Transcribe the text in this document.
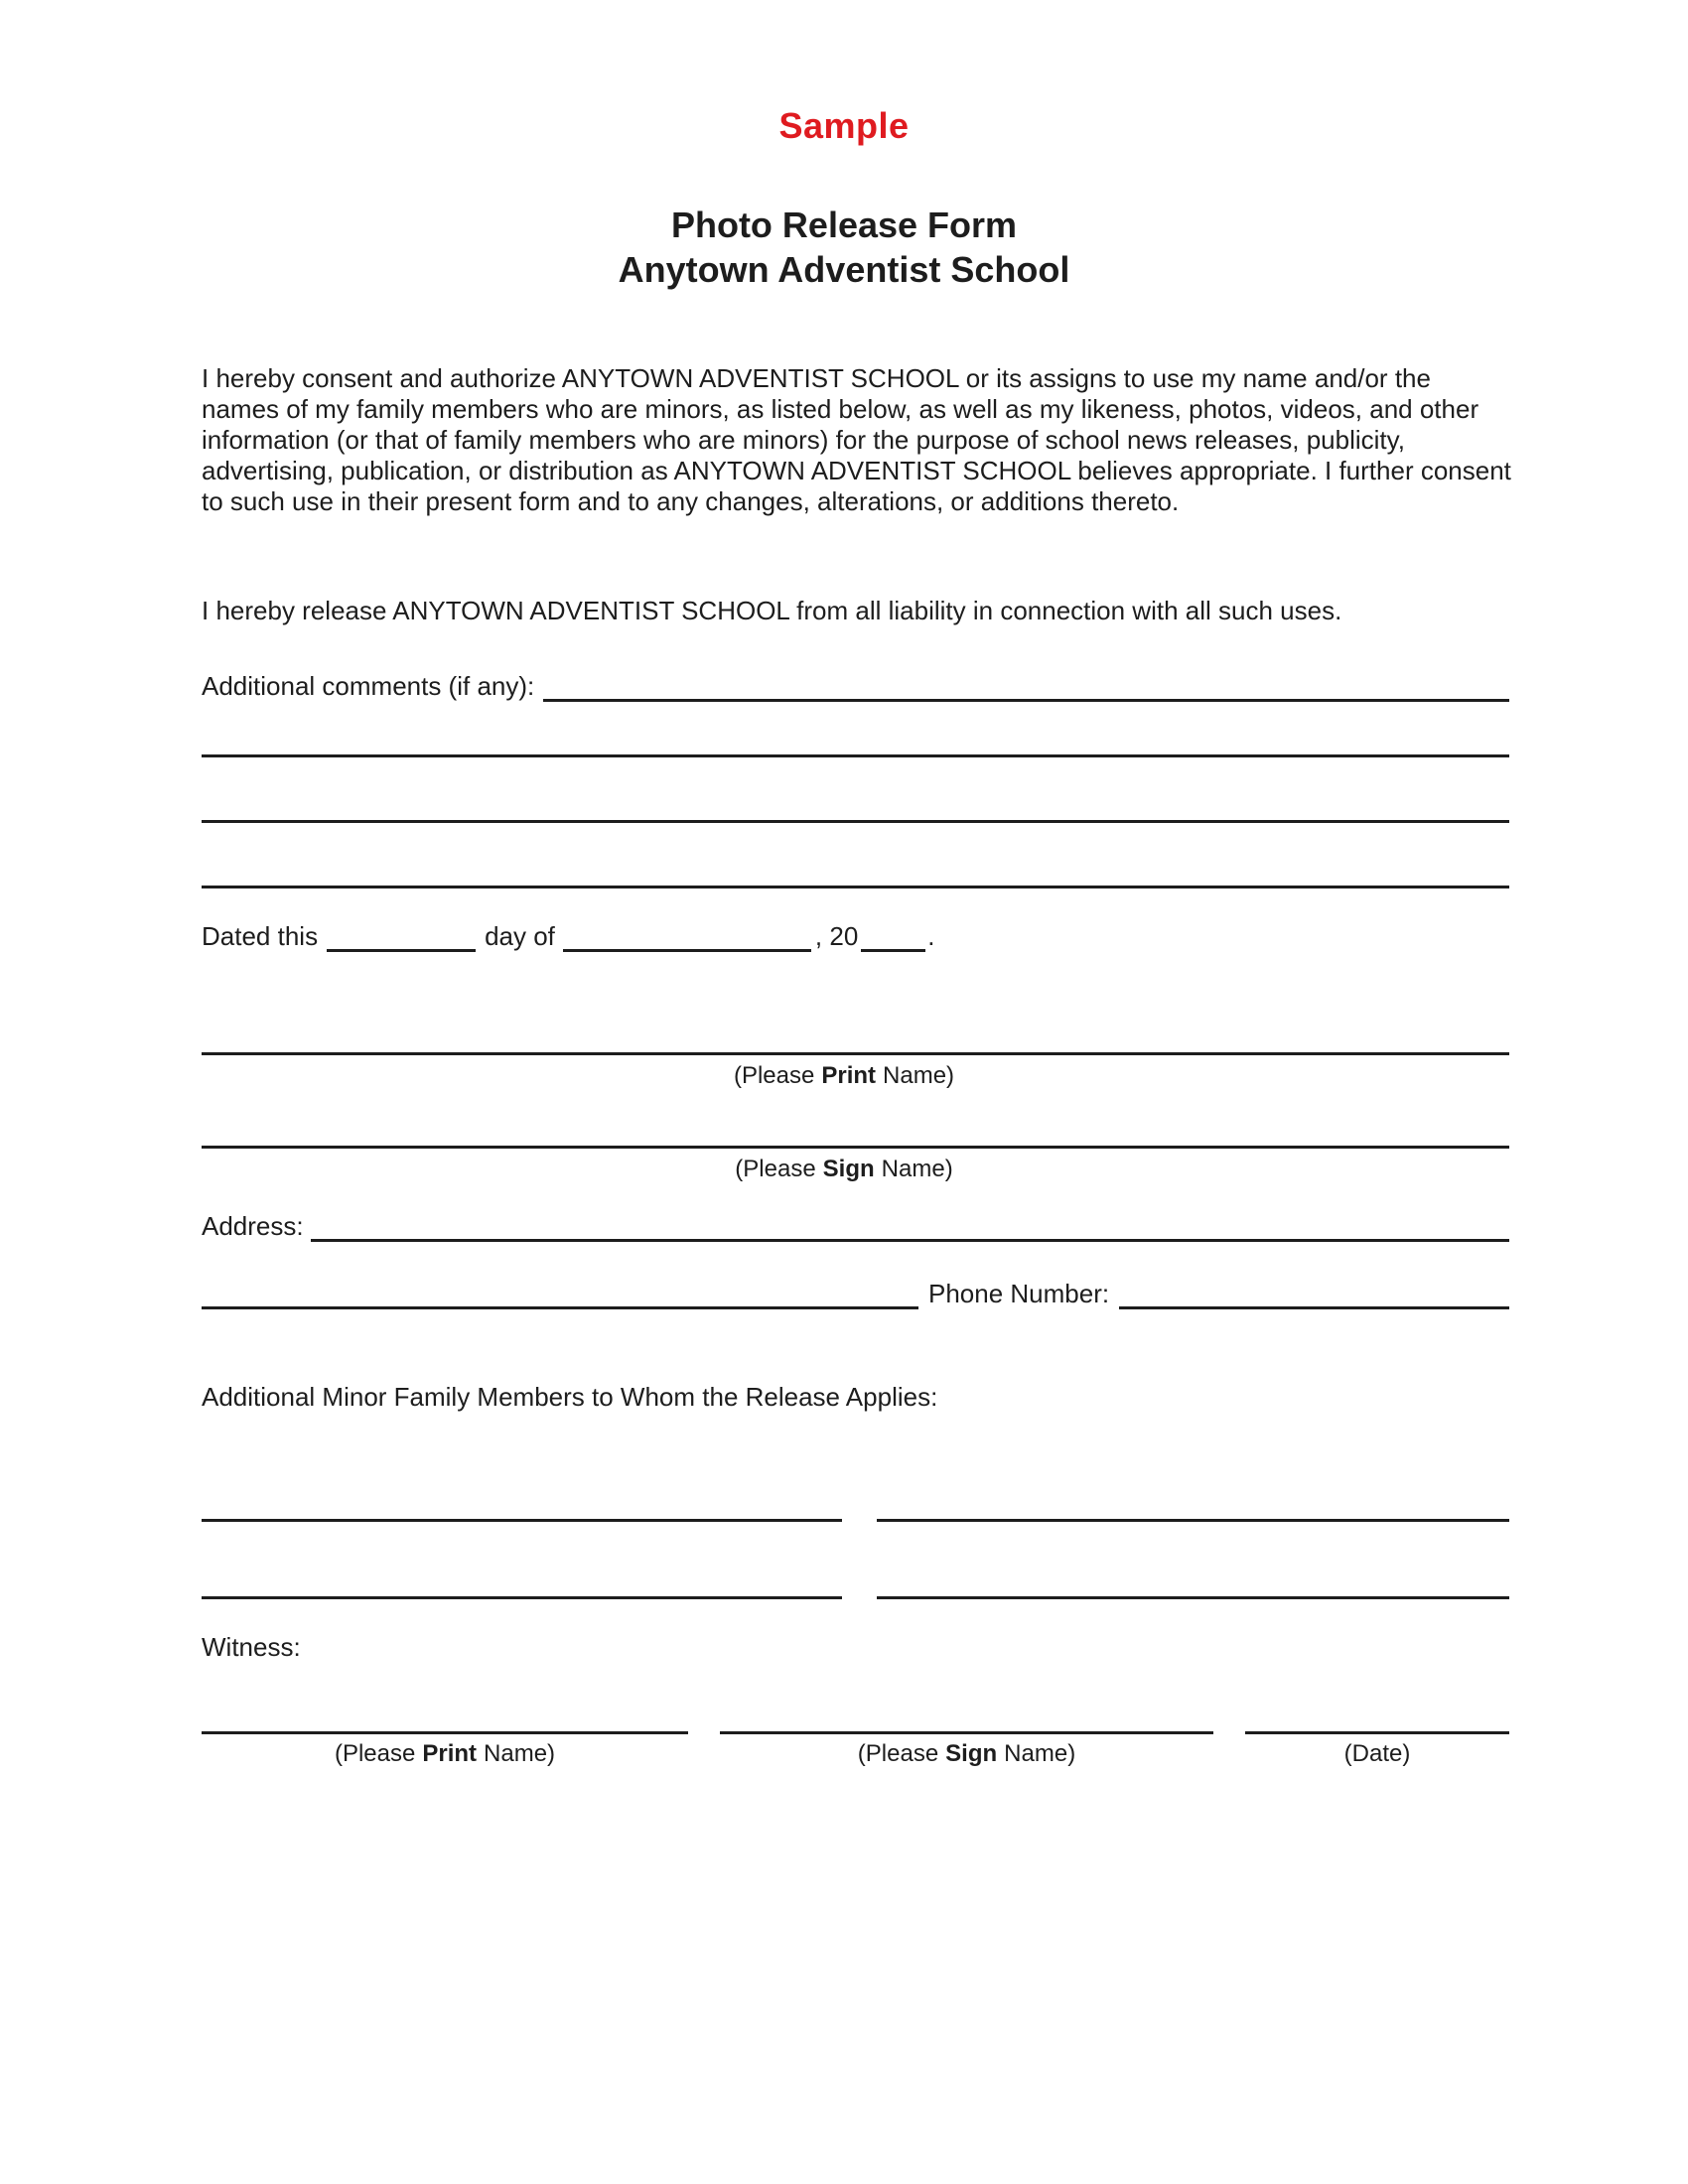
Sample
Photo Release Form
Anytown Adventist School
I hereby consent and authorize ANYTOWN ADVENTIST SCHOOL or its assigns to use my name and/or the names of my family members who are minors, as listed below, as well as my likeness, photos, videos, and other information (or that of family members who are minors) for the purpose of school news releases, publicity, advertising, publication, or distribution as ANYTOWN ADVENTIST SCHOOL believes appropriate. I further consent to such use in their present form and to any changes, alterations, or additions thereto.
I hereby release ANYTOWN ADVENTIST SCHOOL from all liability in connection with all such uses.
Additional comments (if any):
Dated this	day of	, 20	.
(Please Print Name)
(Please Sign Name)
Address:
Phone Number:
Additional Minor Family Members to Whom the Release Applies:
Witness:
(Please Print Name)	(Please Sign Name)	(Date)
